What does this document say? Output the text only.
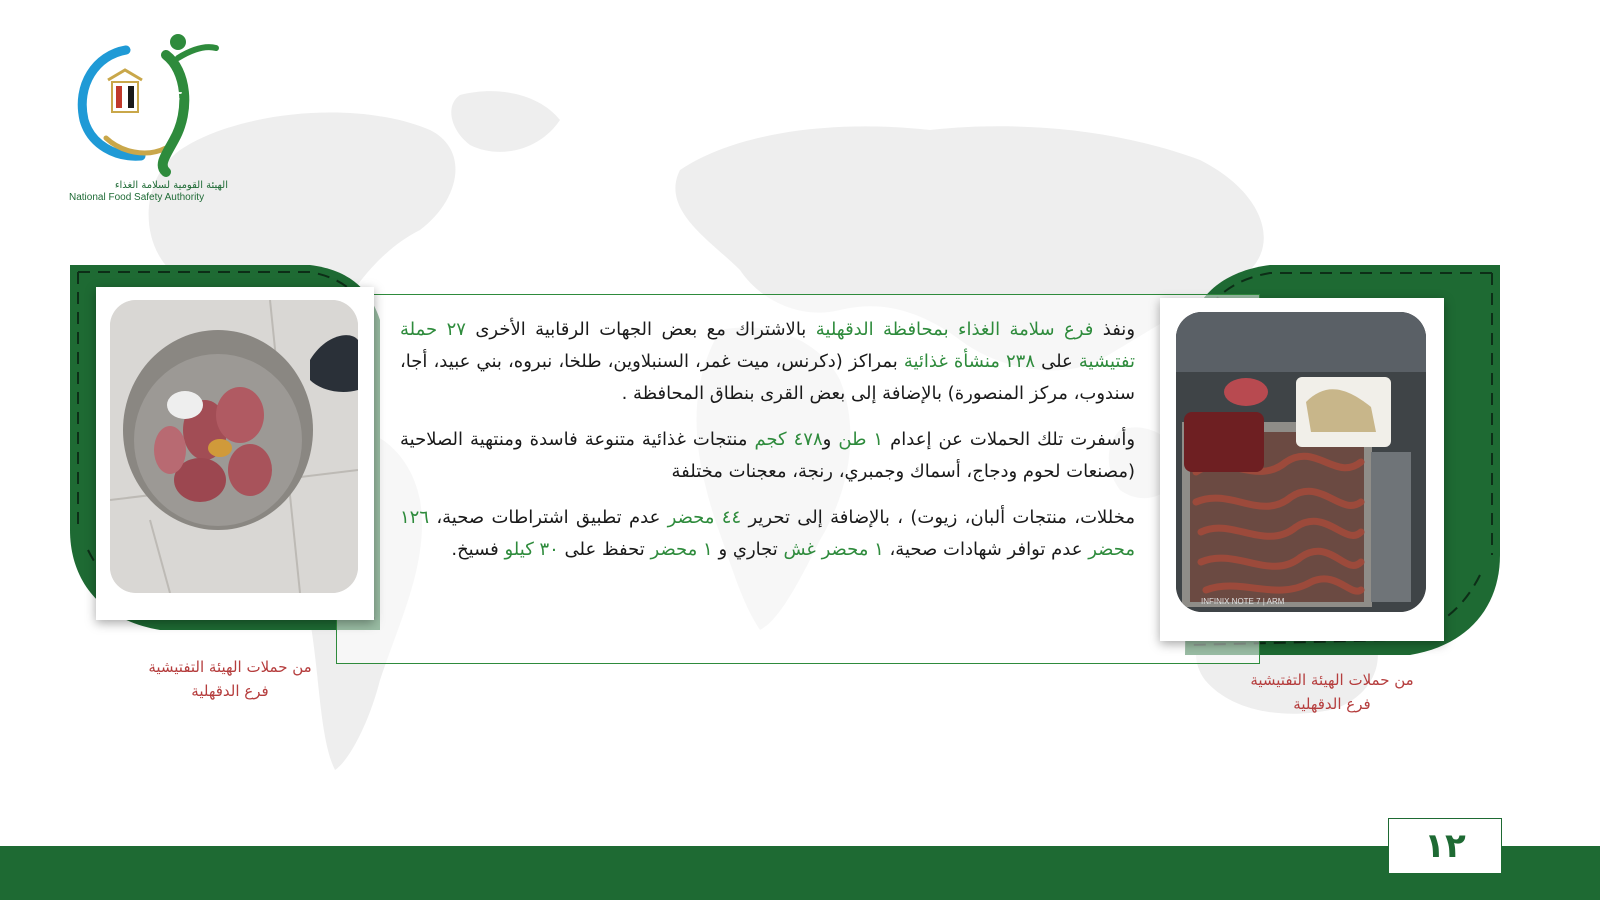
NFSA
الهيئة القومية لسلامة الغذاء
National Food Safety Authority
INFINIX NOTE 7 | ARM

ونفذ فرع سلامة الغذاء بمحافظة الدقهلية بالاشتراك مع بعض الجهات الرقابية الأخرى ٢٧ حملة تفتيشية على ٢٣٨ منشأة غذائية بمراكز (دكرنس، ميت غمر، السنبلاوين، طلخا، نبروه، بني عبيد، أجا، سندوب، مركز المنصورة) بالإضافة إلى بعض القرى بنطاق المحافظة .

وأسفرت تلك الحملات عن إعدام ١ طن و٤٧٨ كجم منتجات غذائية متنوعة فاسدة ومنتهية الصلاحية (مصنعات لحوم ودجاج، أسماك وجمبري، رنجة، معجنات مختلفة

مخللات، منتجات ألبان، زيوت) ، بالإضافة إلى تحرير ٤٤ محضر عدم تطبيق اشتراطات صحية، ١٢٦ محضر عدم توافر شهادات صحية، ١ محضر غش تجاري و ١ محضر تحفظ على ٣٠ كيلو فسيخ.

من حملات الهيئة التفتيشية
فرع الدقهلية
من حملات الهيئة التفتيشية
فرع الدقهلية
١٢
